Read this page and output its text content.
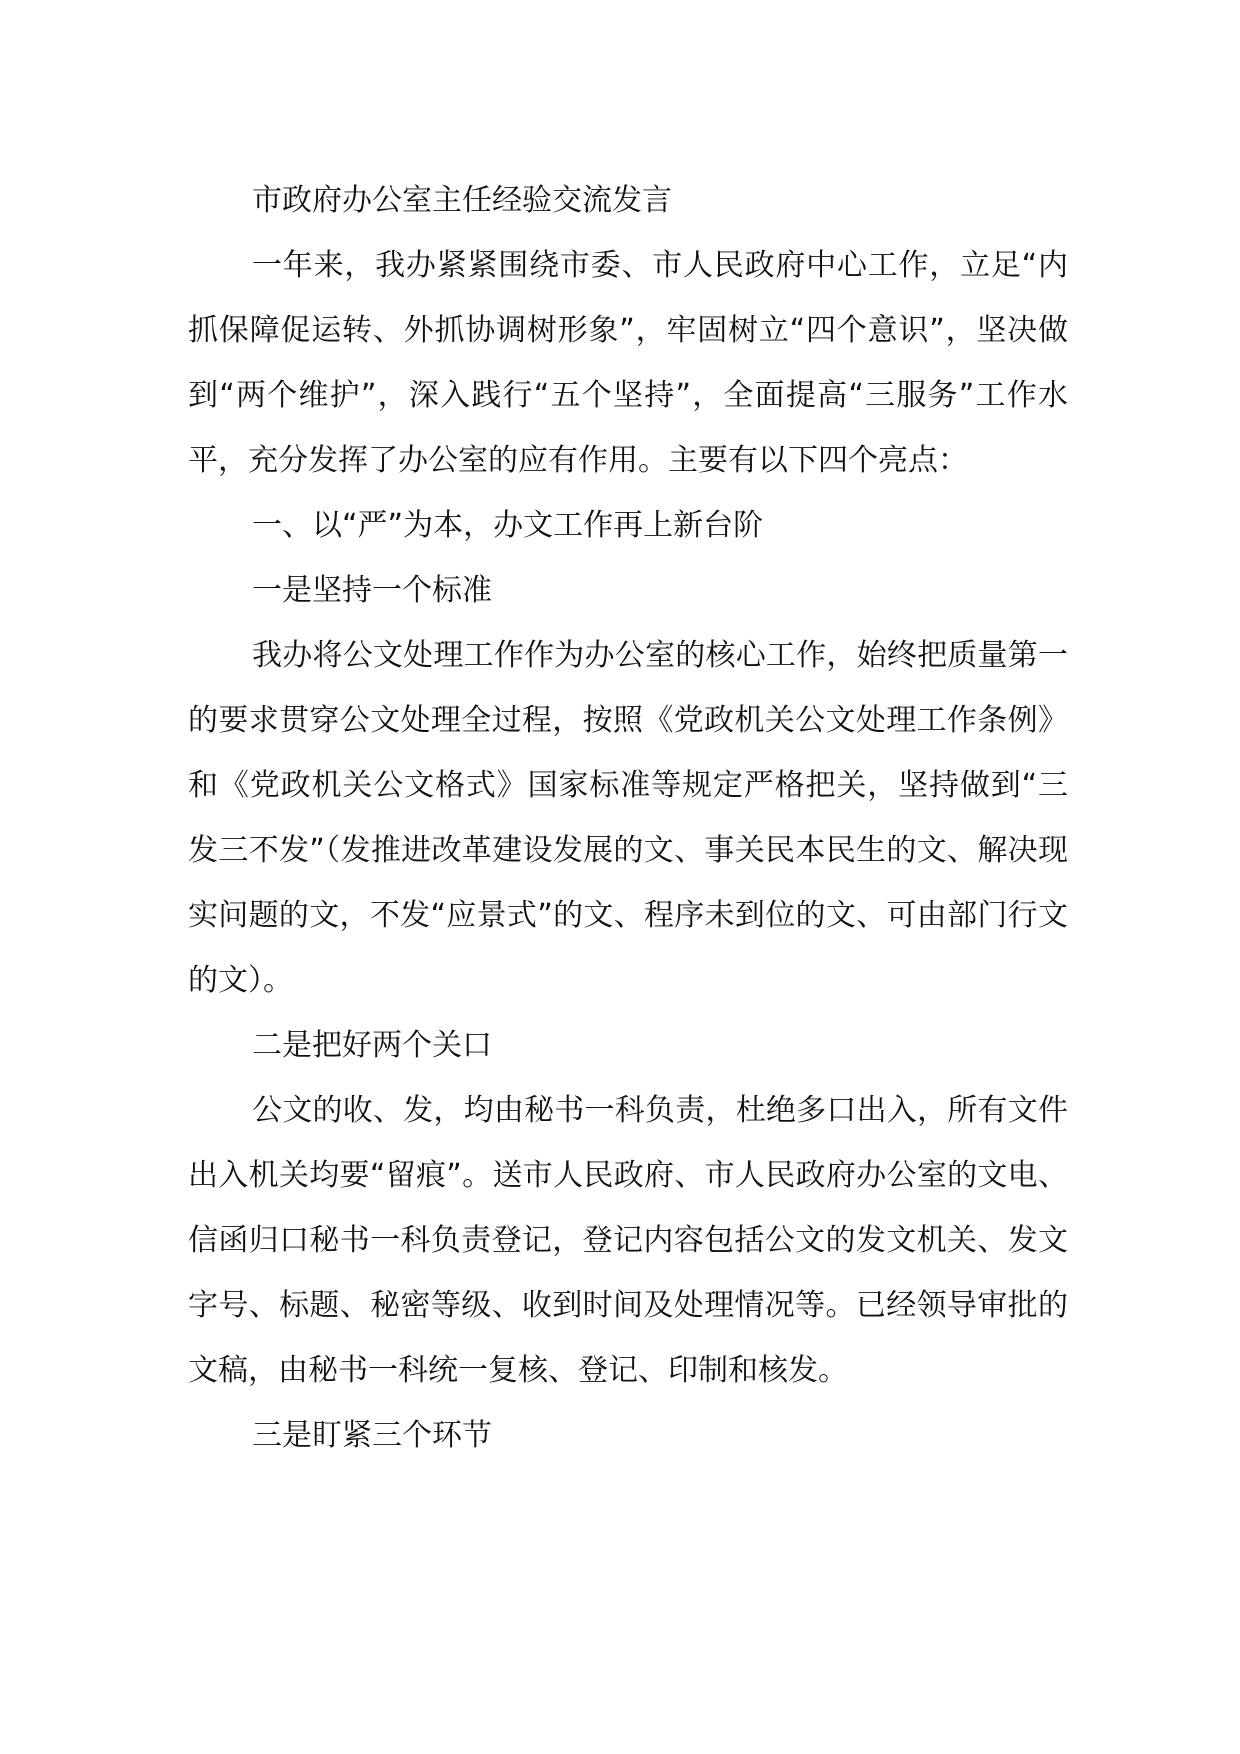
市政府办公室主任经验交流发言

一年来，我办紧紧围绕市委、市人民政府中心工作，立足“内抓保障促运转、外抓协调树形象”，牢固树立“四个意识”，坚决做到“两个维护”，深入践行“五个坚持”，全面提高“三服务”工作水平，充分发挥了办公室的应有作用。主要有以下四个亮点：

一、以“严”为本，办文工作再上新台阶

一是坚持一个标准

我办将公文处理工作作为办公室的核心工作，始终把质量第一的要求贯穿公文处理全过程，按照《党政机关公文处理工作条例》和《党政机关公文格式》国家标准等规定严格把关，坚持做到“三发三不发”（发推进改革建设发展的文、事关民本民生的文、解决现实问题的文，不发“应景式”的文、程序未到位的文、可由部门行文的文）。

二是把好两个关口

公文的收、发，均由秘书一科负责，杜绝多口出入，所有文件出入机关均要“留痕”。送市人民政府、市人民政府办公室的文电、信函归口秘书一科负责登记，登记内容包括公文的发文机关、发文字号、标题、秘密等级、收到时间及处理情况等。已经领导审批的文稿，由秘书一科统一复核、登记、印制和核发。

三是盯紧三个环节
